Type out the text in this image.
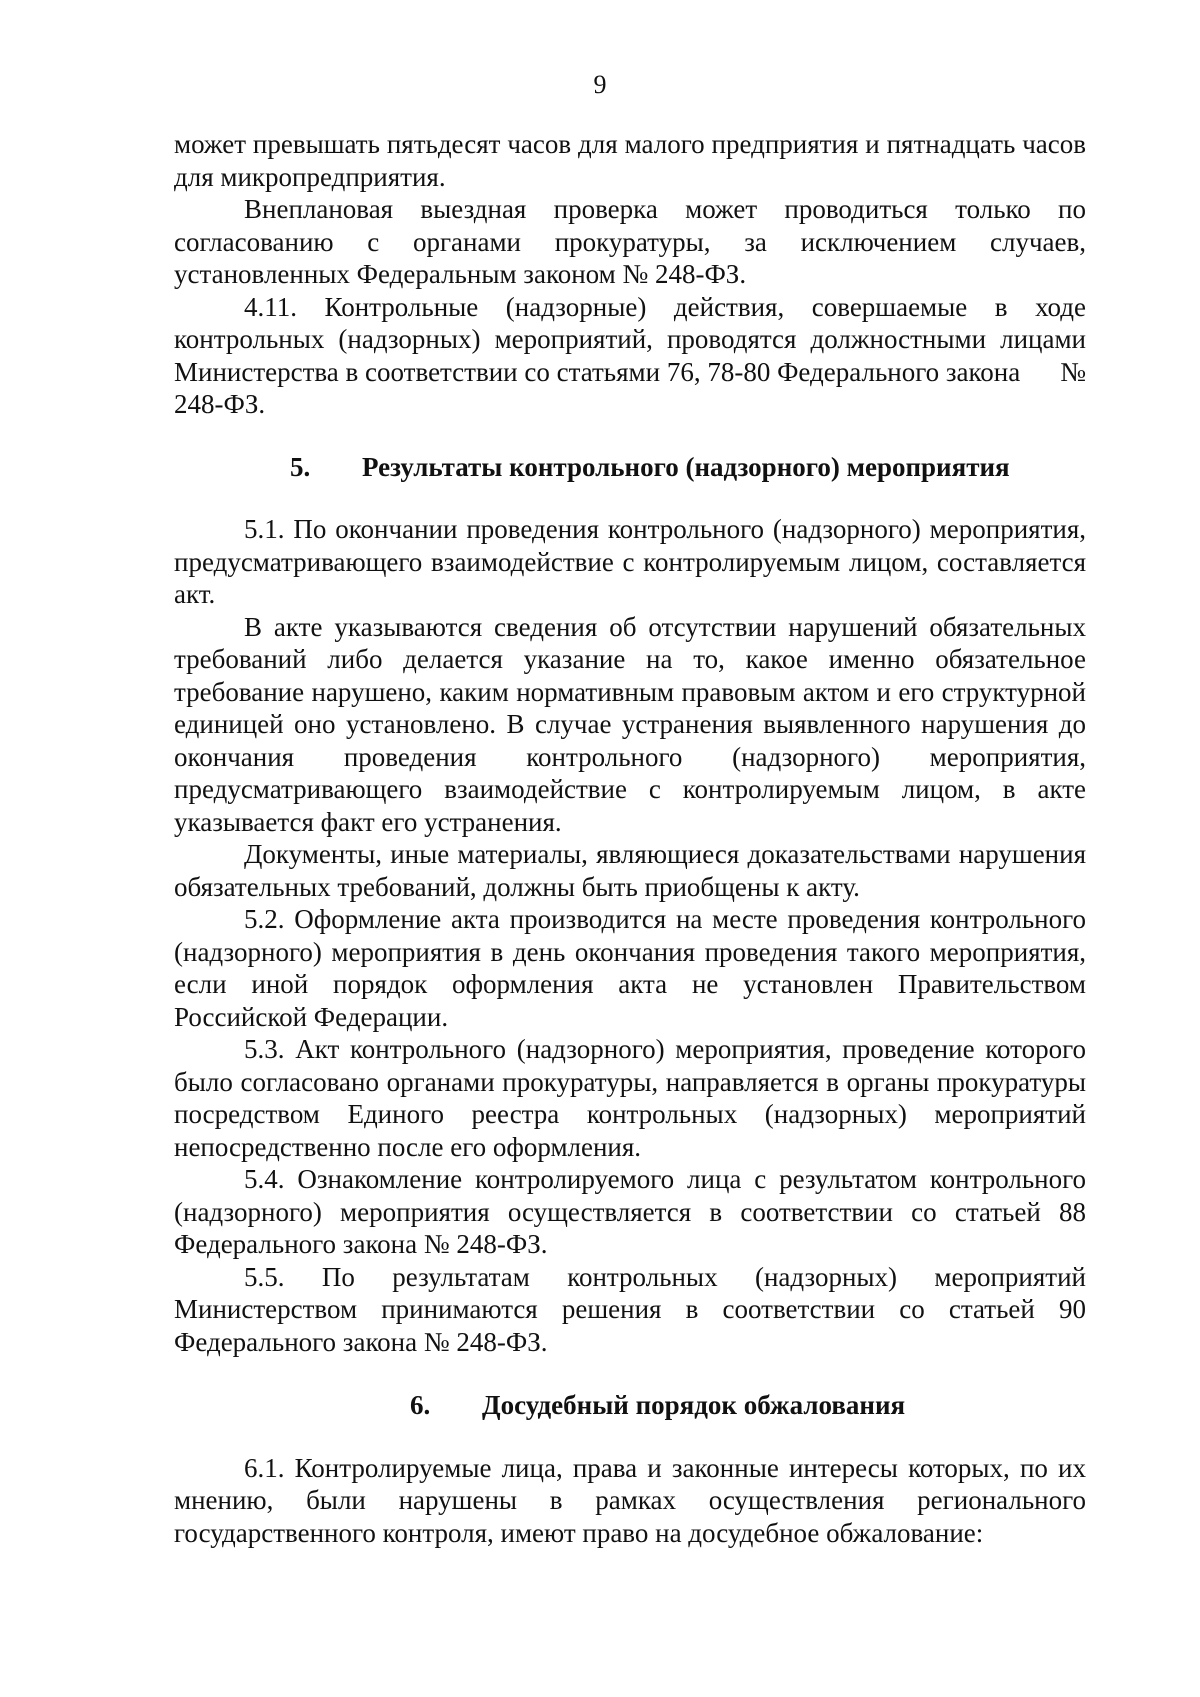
9

может превышать пятьдесят часов для малого предприятия и пятнадцать часов для микропредприятия.

Внеплановая выездная проверка может проводиться только по согласованию с органами прокуратуры, за исключением случаев, установленных Федеральным законом № 248-ФЗ.

4.11. Контрольные (надзорные) действия, совершаемые в ходе контрольных (надзорных) мероприятий, проводятся должностными лицами Министерства в соответствии со статьями 76, 78-80 Федерального закона № 248-ФЗ.

5. Результаты контрольного (надзорного) мероприятия

5.1. По окончании проведения контрольного (надзорного) мероприятия, предусматривающего взаимодействие с контролируемым лицом, составляется акт.

В акте указываются сведения об отсутствии нарушений обязательных требований либо делается указание на то, какое именно обязательное требование нарушено, каким нормативным правовым актом и его структурной единицей оно установлено. В случае устранения выявленного нарушения до окончания проведения контрольного (надзорного) мероприятия, предусматривающего взаимодействие с контролируемым лицом, в акте указывается факт его устранения.

Документы, иные материалы, являющиеся доказательствами нарушения обязательных требований, должны быть приобщены к акту.

5.2. Оформление акта производится на месте проведения контрольного (надзорного) мероприятия в день окончания проведения такого мероприятия, если иной порядок оформления акта не установлен Правительством Российской Федерации.

5.3. Акт контрольного (надзорного) мероприятия, проведение которого было согласовано органами прокуратуры, направляется в органы прокуратуры посредством Единого реестра контрольных (надзорных) мероприятий непосредственно после его оформления.

5.4. Ознакомление контролируемого лица с результатом контрольного (надзорного) мероприятия осуществляется в соответствии со статьей 88 Федерального закона № 248-ФЗ.

5.5. По результатам контрольных (надзорных) мероприятий Министерством принимаются решения в соответствии со статьей 90 Федерального закона № 248-ФЗ.

6. Досудебный порядок обжалования

6.1. Контролируемые лица, права и законные интересы которых, по их мнению, были нарушены в рамках осуществления регионального государственного контроля, имеют право на досудебное обжалование:
